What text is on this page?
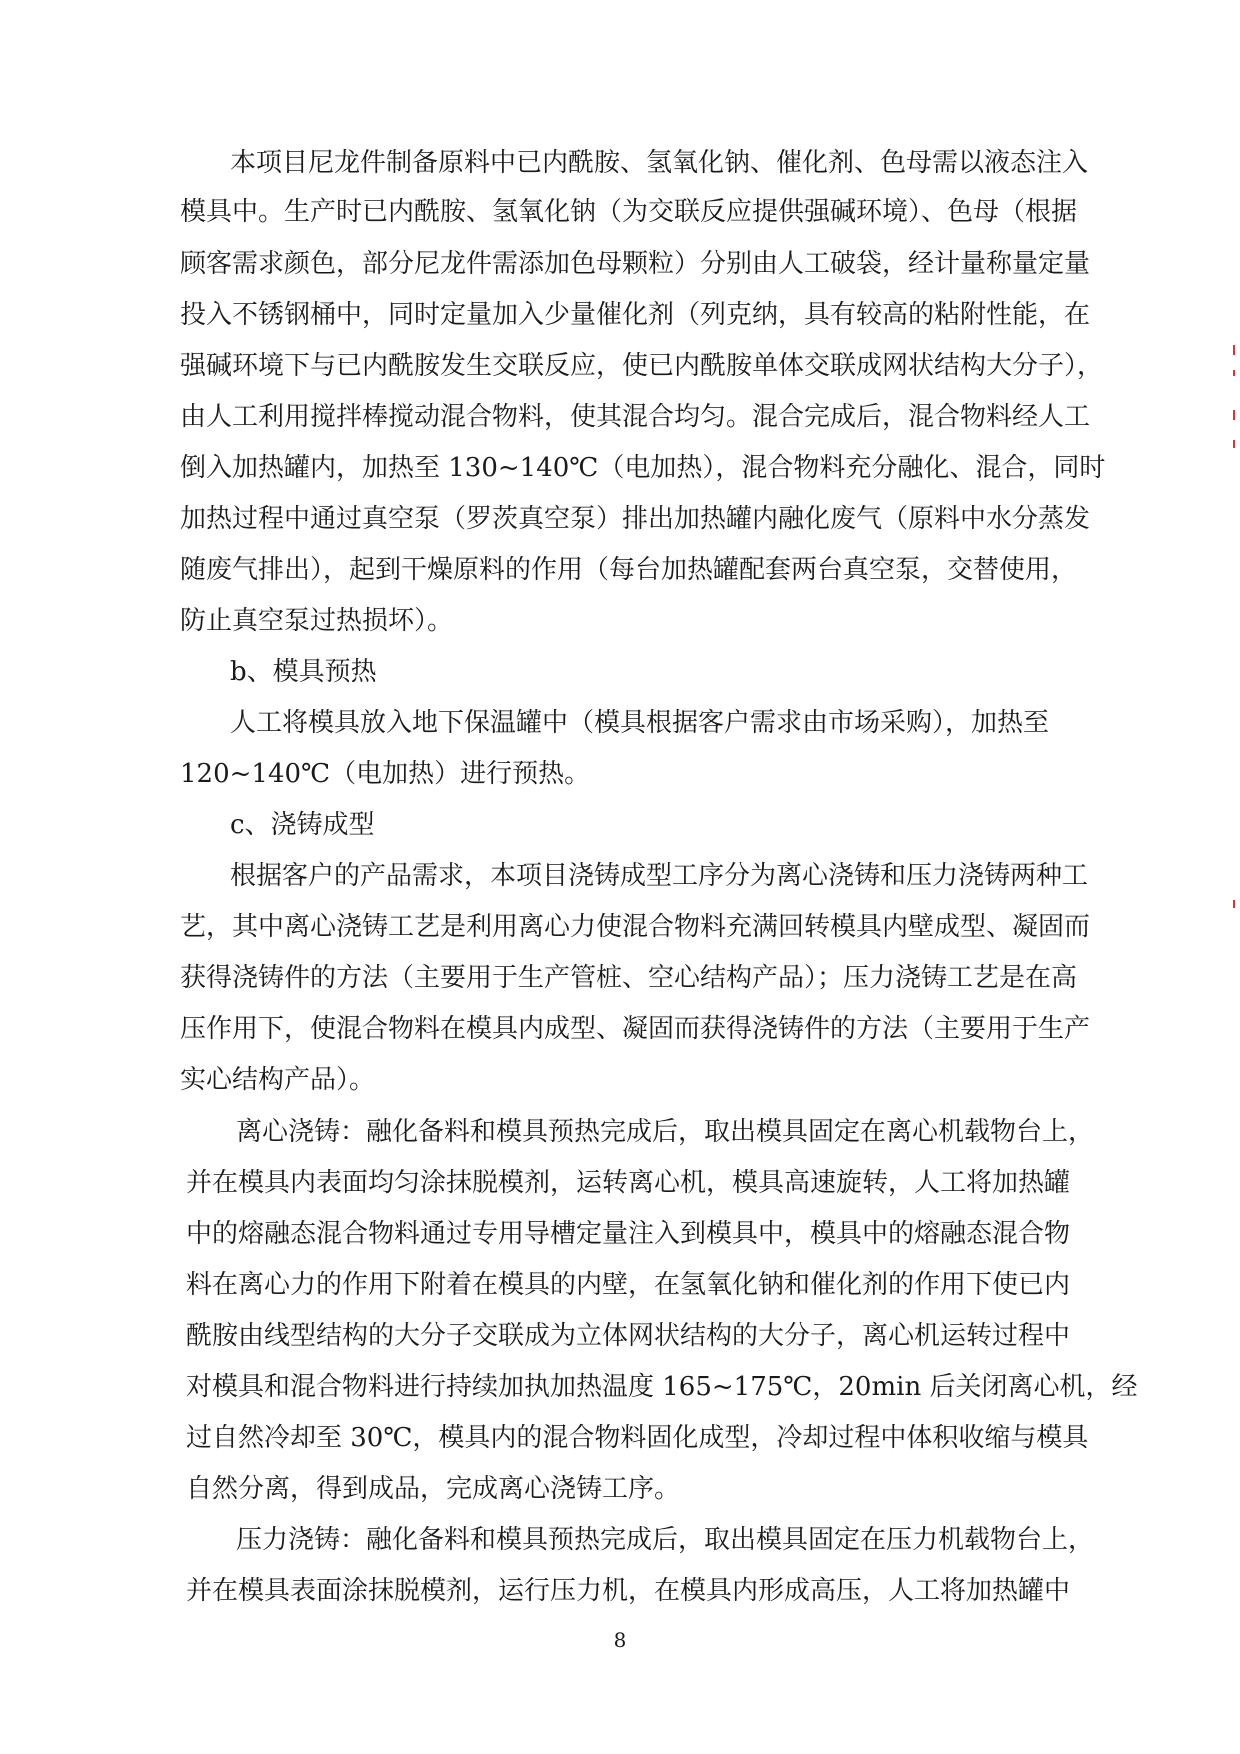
本项目尼龙件制备原料中已内酰胺、氢氧化钠、催化剂、色母需以液态注入
模具中。生产时已内酰胺、氢氧化钠（为交联反应提供强碱环境）、色母（根据
顾客需求颜色，部分尼龙件需添加色母颗粒）分别由人工破袋，经计量称量定量
投入不锈钢桶中，同时定量加入少量催化剂（列克纳，具有较高的粘附性能，在
强碱环境下与已内酰胺发生交联反应，使已内酰胺单体交联成网状结构大分子），
由人工利用搅拌棒搅动混合物料，使其混合均匀。混合完成后，混合物料经人工
倒入加热罐内，加热至 130~140℃（电加热），混合物料充分融化、混合，同时
加热过程中通过真空泵（罗茨真空泵）排出加热罐内融化废气（原料中水分蒸发
随废气排出），起到干燥原料的作用（每台加热罐配套两台真空泵，交替使用，
防止真空泵过热损坏）。
b、模具预热
人工将模具放入地下保温罐中（模具根据客户需求由市场采购），加热至
120~140℃（电加热）进行预热。
c、浇铸成型
根据客户的产品需求，本项目浇铸成型工序分为离心浇铸和压力浇铸两种工
艺，其中离心浇铸工艺是利用离心力使混合物料充满回转模具内壁成型、凝固而
获得浇铸件的方法（主要用于生产管桩、空心结构产品）；压力浇铸工艺是在高
压作用下，使混合物料在模具内成型、凝固而获得浇铸件的方法（主要用于生产
实心结构产品）。
离心浇铸：融化备料和模具预热完成后，取出模具固定在离心机载物台上，
并在模具内表面均匀涂抹脱模剂，运转离心机，模具高速旋转，人工将加热罐
中的熔融态混合物料通过专用导槽定量注入到模具中，模具中的熔融态混合物
料在离心力的作用下附着在模具的内壁，在氢氧化钠和催化剂的作用下使已内
酰胺由线型结构的大分子交联成为立体网状结构的大分子，离心机运转过程中
对模具和混合物料进行持续加执加热温度 165~175℃，20min 后关闭离心机，经
过自然冷却至 30℃，模具内的混合物料固化成型，冷却过程中体积收缩与模具
自然分离，得到成品，完成离心浇铸工序。
压力浇铸：融化备料和模具预热完成后，取出模具固定在压力机载物台上，
并在模具表面涂抹脱模剂，运行压力机，在模具内形成高压，人工将加热罐中
8
